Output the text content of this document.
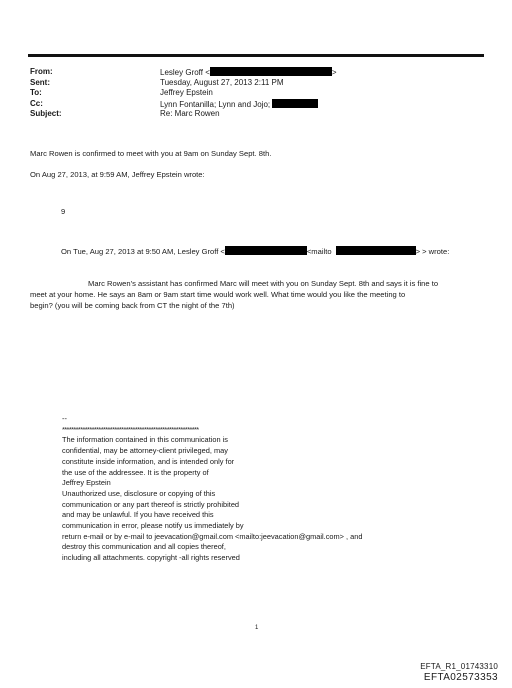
From:	Lesley Groff <	>
Sent:	Tuesday, August 27, 2013 2:11 PM
To:	Jeffrey Epstein
Cc:	Lynn Fontanilla; Lynn and Jojo;
Subject:	Re: Marc Rowen
Marc Rowen is confirmed to meet with you at 9am on Sunday Sept. 8th.
On Aug 27, 2013, at 9:59 AM, Jeffrey Epstein wrote:
9
On Tue, Aug 27, 2013 at 9:50 AM, Lesley Groff <	<mailto	> > wrote:
Marc Rowen's assistant has confirmed Marc will meet with you on Sunday Sept. 8th and says it is fine to
meet at your home. He says an 8am or 9am start time would work well. What time would you like the meeting to
begin? (you will be coming back from CT the night of the 7th)
--
************************************************************
The information contained in this communication is
confidential, may be attorney-client privileged, may
constitute inside information, and is intended only for
the use of the addressee. It is the property of
Jeffrey Epstein
Unauthorized use, disclosure or copying of this
communication or any part thereof is strictly prohibited
and may be unlawful. If you have received this
communication in error, please notify us immediately by
return e-mail or by e-mail to jeevacation@gmail.com <mailto:jeevacation@gmail.com> , and
destroy this communication and all copies thereof,
including all attachments. copyright -all rights reserved
1
EFTA_R1_01743310
EFTA02573353
